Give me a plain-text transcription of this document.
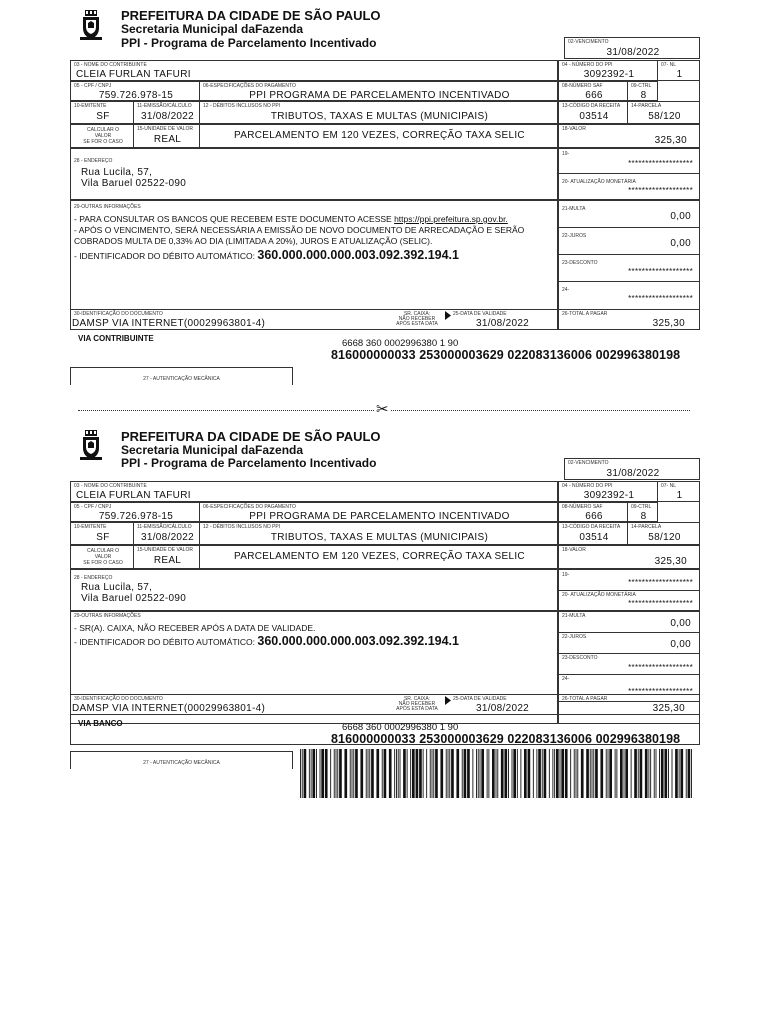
PREFEITURA DA CIDADE DE SÃO PAULO
Secretaria Municipal daFazenda
PPI - Programa de Parcelamento Incentivado	02-VENCIMENTO
31/08/2022
03 - NOME DO CONTRIBUINTE
CLEIA FURLAN TAFURI
04 - NÚMERO DO PPI
3092392-1
07- NL
1
05 - CPF / CNPJ
759.726.978-15
06-ESPECIFICAÇÕES DO PAGAMENTO
PPI PROGRAMA DE PARCELAMENTO INCENTIVADO
08-NÚMERO SAF
666
09-CTRL
8
10-EMITENTE
SF
11-EMISSÃO/CÁLCULO
31/08/2022
12 - DÉBITOS INCLUSOS NO PPI
TRIBUTOS, TAXAS E MULTAS (MUNICIPAIS)
13-CÓDIGO DA RECEITA
03514
14-PARCELA
58/120
CALCULAR O
VALOR
SE FOR O CASO
15-UNIDADE DE VALOR
REAL	PARCELAMENTO EM 120 VEZES, CORREÇÃO TAXA SELIC
18-VALOR
325,30
28 - ENDEREÇO
Rua Lucila, 57,
Vila Baruel 02522-090
19-
*******************
20- ATUALIZAÇÃO MONETÁRIA
*******************
29-OUTRAS INFORMAÇÕES
- PARA CONSULTAR OS BANCOS QUE RECEBEM ESTE DOCUMENTO ACESSE https://ppi.prefeitura.sp.gov.br.
- APÓS O VENCIMENTO, SERÁ NECESSÁRIA A EMISSÃO DE NOVO DOCUMENTO DE ARRECADAÇÃO E SERÃO
COBRADOS MULTA DE 0,33% AO DIA (LIMITADA A 20%), JUROS E ATUALIZAÇÃO (SELIC).
- IDENTIFICADOR DO DÉBITO AUTOMÁTICO: 360.000.000.000.003.092.392.194.1
21-MULTA
0,00
22-JUROS
0,00
23-DESCONTO
*******************
24-
*******************
30-IDENTIFICAÇÃO DO DOCUMENTO
DAMSP VIA INTERNET(00029963801-4)
SR. CAIXA:
NÃO RECEBER
APÓS ESTA DATA
25-DATA DE VALIDADE
31/08/2022
26-TOTAL A PAGAR
325,30
VIA CONTRIBUINTE	6668 360 0002996380 1 90
816000000033 253000003629 022083136006 002996380198
27 - AUTENTICAÇÃO MECÂNICA
✂
PREFEITURA DA CIDADE DE SÃO PAULO
Secretaria Municipal daFazenda
PPI - Programa de Parcelamento Incentivado	02-VENCIMENTO
31/08/2022
03 - NOME DO CONTRIBUINTE
CLEIA FURLAN TAFURI
04 - NÚMERO DO PPI
3092392-1
07- NL
1
05 - CPF / CNPJ
759.726.978-15
06-ESPECIFICAÇÕES DO PAGAMENTO
PPI PROGRAMA DE PARCELAMENTO INCENTIVADO
08-NÚMERO SAF
666
09-CTRL
8
10-EMITENTE
SF
11-EMISSÃO/CÁLCULO
31/08/2022
12 - DÉBITOS INCLUSOS NO PPI
TRIBUTOS, TAXAS E MULTAS (MUNICIPAIS)
13-CÓDIGO DA RECEITA
03514
14-PARCELA
58/120
CALCULAR O
VALOR
SE FOR O CASO
15-UNIDADE DE VALOR
REAL	PARCELAMENTO EM 120 VEZES, CORREÇÃO TAXA SELIC
18-VALOR
325,30
28 - ENDEREÇO
Rua Lucila, 57,
Vila Baruel 02522-090
19-
*******************
20- ATUALIZAÇÃO MONETÁRIA
*******************
29-OUTRAS INFORMAÇÕES
- SR(A). CAIXA, NÃO RECEBER APÓS A DATA DE VALIDADE.
- IDENTIFICADOR DO DÉBITO AUTOMÁTICO: 360.000.000.000.003.092.392.194.1
21-MULTA
0,00
22-JUROS
0,00
23-DESCONTO
*******************
24-
*******************
30-IDENTIFICAÇÃO DO DOCUMENTO
DAMSP VIA INTERNET(00029963801-4)
SR. CAIXA:
NÃO RECEBER
APÓS ESTA DATA
25-DATA DE VALIDADE
31/08/2022
26-TOTAL A PAGAR
325,30
VIA BANCO	6668 360 0002996380 1 90
816000000033 253000003629 022083136006 002996380198
27 - AUTENTICAÇÃO MECÂNICA
